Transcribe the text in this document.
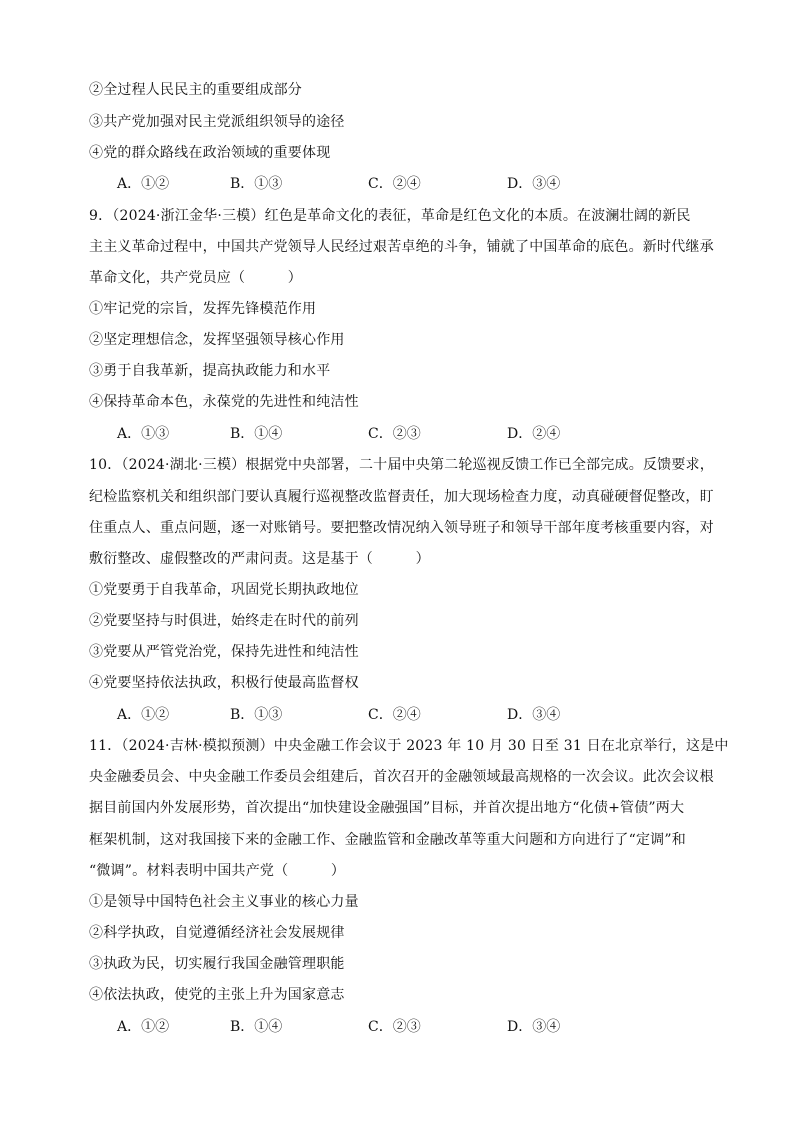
②全过程人民民主的重要组成部分
③共产党加强对民主党派组织领导的途径
④党的群众路线在政治领域的重要体现
A．①②	B．①③	C．②④	D．③④
9．（2024·浙江金华·三模）红色是革命文化的表征，革命是红色文化的本质。在波澜壮阔的新民
主主义革命过程中，中国共产党领导人民经过艰苦卓绝的斗争，铺就了中国革命的底色。新时代继承
革命文化，共产党员应（　　　）
①牢记党的宗旨，发挥先锋模范作用
②坚定理想信念，发挥坚强领导核心作用
③勇于自我革新，提高执政能力和水平
④保持革命本色，永葆党的先进性和纯洁性
A．①③	B．①④	C．②③	D．②④
10．（2024·湖北·三模）根据党中央部署，二十届中央第二轮巡视反馈工作已全部完成。反馈要求，
纪检监察机关和组织部门要认真履行巡视整改监督责任，加大现场检查力度，动真碰硬督促整改，盯
住重点人、重点问题，逐一对账销号。要把整改情况纳入领导班子和领导干部年度考核重要内容，对
敷衍整改、虚假整改的严肃问责。这是基于（　　　）
①党要勇于自我革命，巩固党长期执政地位
②党要坚持与时俱进，始终走在时代的前列
③党要从严管党治党，保持先进性和纯洁性
④党要坚持依法执政，积极行使最高监督权
A．①②	B．①③	C．②④	D．③④
11．（2024·吉林·模拟预测）中央金融工作会议于 2023 年 10 月 30 日至 31 日在北京举行，这是中
央金融委员会、中央金融工作委员会组建后，首次召开的金融领域最高规格的一次会议。此次会议根
据目前国内外发展形势，首次提出“加快建设金融强国”目标，并首次提出地方“化债+管债”两大
框架机制，这对我国接下来的金融工作、金融监管和金融改革等重大问题和方向进行了“定调”和
“微调”。材料表明中国共产党（　　　）
①是领导中国特色社会主义事业的核心力量
②科学执政，自觉遵循经济社会发展规律
③执政为民，切实履行我国金融管理职能
④依法执政，使党的主张上升为国家意志
A．①②	B．①④	C．②③	D．③④
